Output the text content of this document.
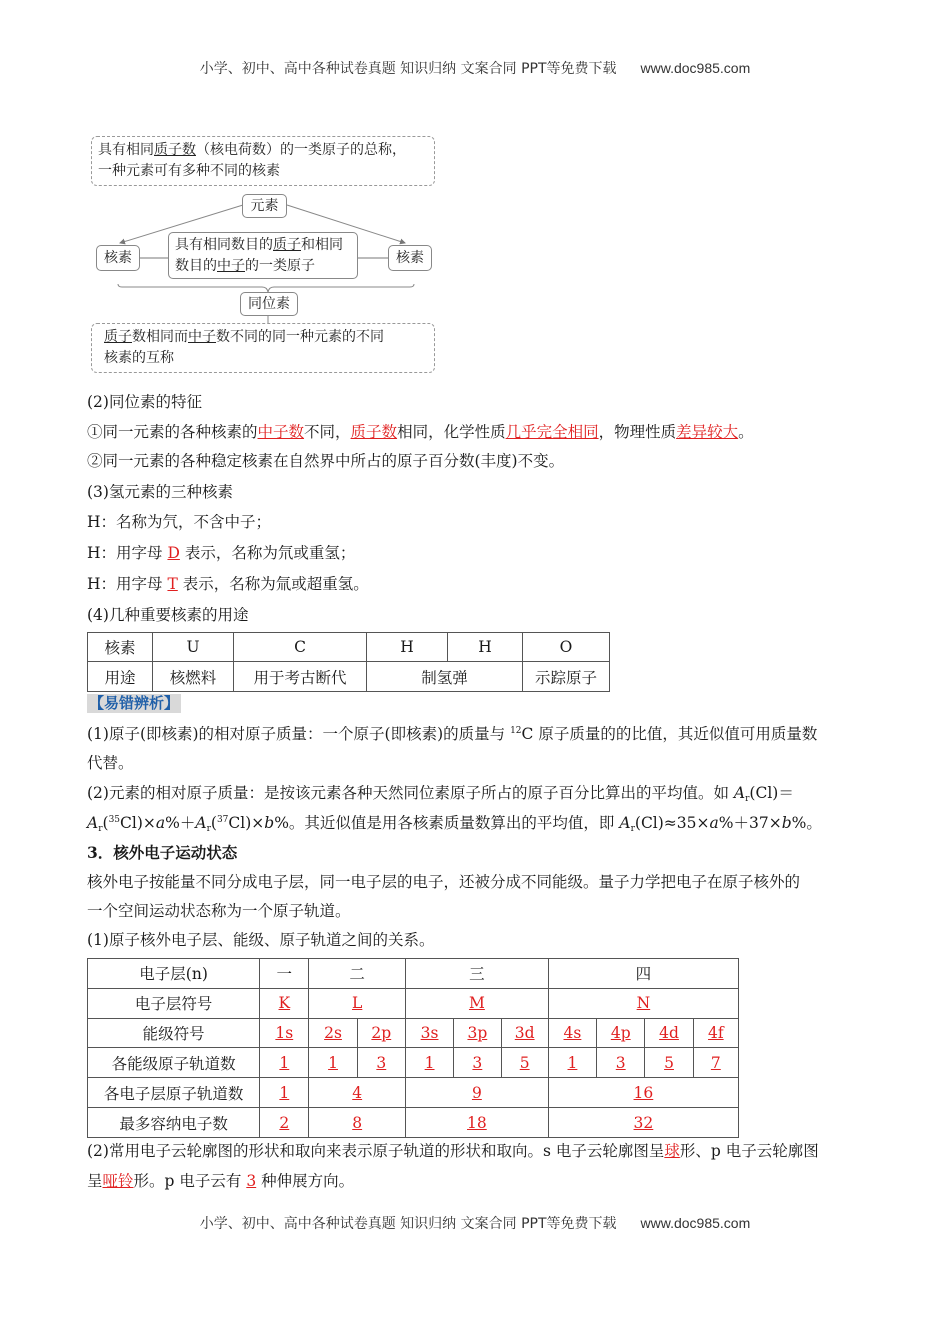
小学、初中、高中各种试卷真题 知识归纳 文案合同 PPT等免费下载 www.doc985.com
具有相同质子数（核电荷数）的一类原子的总称，
一种元素可有多种不同的核素
元素
核素	核素
具有相同数目的质子和相同
数目的中子的一类原子
同位素
质子数相同而中子数不同的同一种元素的不同
核素的互称
(2)同位素的特征
①同一元素的各种核素的中子数不同，质子数相同，化学性质几乎完全相同，物理性质差异较大。
②同一元素的各种稳定核素在自然界中所占的原子百分数(丰度)不变。
(3)氢元素的三种核素
H：名称为氕，不含中子；
H：用字母 D 表示，名称为氘或重氢；
H：用字母 T 表示，名称为氚或超重氢。
(4)几种重要核素的用途
核素	U	C	H	H	O
用途	核燃料	用于考古断代	制氢弹		示踪原子
【易错辨析】
(1)原子(即核素)的相对原子质量：一个原子(即核素)的质量与 $^{12}$C 原子质量的的比值，其近似值可用质量数
代替。
(2)元素的相对原子质量：是按该元素各种天然同位素原子所占的原子百分比算出的平均值。如 $A_r(Cl)=$
$A_r(^{35}Cl)\times a\%+A_r(^{37}Cl)\times b\%$。其近似值是用各核素质量数算出的平均值，即 $A_r(Cl)\approx 35\times a\%+37\times b\%$。
3．核外电子运动状态
核外电子按能量不同分成电子层，同一电子层的电子，还被分成不同能级。量子力学把电子在原子核外的
一个空间运动状态称为一个原子轨道。
(1)原子核外电子层、能级、原子轨道之间的关系。
电子层(n)	一	二		三			四			
电子层符号	K	L		M			N			
能级符号	1s	2s	2p	3s	3p	3d	4s	4p	4d	4f
各能级原子轨道数	1	1	3	1	3	5	1	3	5	7
各电子层原子轨道数	1	4		9			16			
最多容纳电子数	2	8		18			32			
(2)常用电子云轮廓图的形状和取向来表示原子轨道的形状和取向。s 电子云轮廓图呈球形、p 电子云轮廓图
呈哑铃形。p 电子云有 3 种伸展方向。
小学、初中、高中各种试卷真题 知识归纳 文案合同 PPT等免费下载 www.doc985.com
